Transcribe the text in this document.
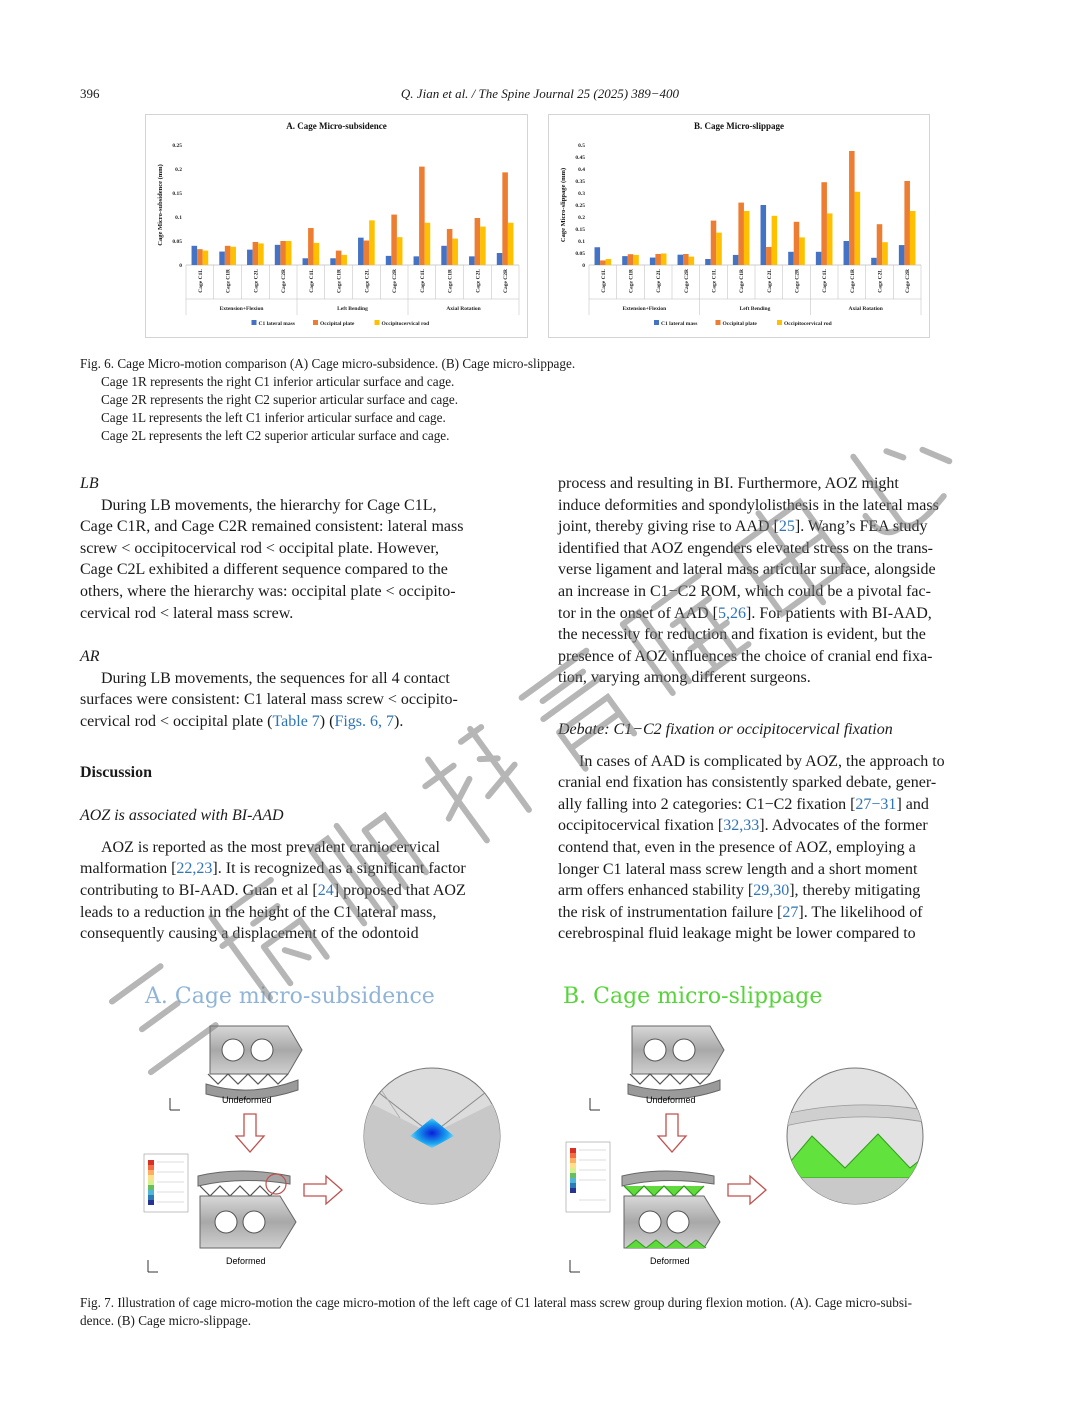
396	Q. Jian et al. / The Spine Journal 25 (2025) 389−400
A. Cage Micro-subsidence
Cage Micro-subsidence (mm)
0
0.05
0.1
0.15
0.2
0.25
Cage C1L	Cage C1R	Cage C2L	Cage C2R	Cage C1L	Cage C1R	Cage C2L	Cage C2R	Cage C1L	Cage C1R	Cage C2L	Cage C2R
Extension+Flexion	Left Bending	Axial Rotation
C1 lateral mass	Occipital plate	Occipitocervical rod
B. Cage Micro-slippage
Cage Micro-slippage (mm)
0
0.05
0.1
0.15
0.2
0.25
0.3
0.35
0.4
0.45
0.5
Cage C1L	Cage C1R	Cage C2L	Cage C2R	Cage C1L	Cage C1R	Cage C2L	Cage C2R	Cage C1L	Cage C1R	Cage C2L	Cage C2R
Extension+Flexion	Left Bending	Axial Rotation
C1 lateral mass	Occipital plate	Occipitocervical rod
Fig. 6. Cage Micro-motion comparison (A) Cage micro-subsidence. (B) Cage micro-slippage.
Cage 1R represents the right C1 inferior articular surface and cage.
Cage 2R represents the right C2 superior articular surface and cage.
Cage 1L represents the left C1 inferior articular surface and cage.
Cage 2L represents the left C2 superior articular surface and cage.
LB
During LB movements, the hierarchy for Cage C1L,
Cage C1R, and Cage C2R remained consistent: lateral mass
screw < occipitocervical rod < occipital plate. However,
Cage C2L exhibited a different sequence compared to the
others, where the hierarchy was: occipital plate < occipito-
cervical rod < lateral mass screw.
AR
During LB movements, the sequences for all 4 contact
surfaces were consistent: C1 lateral mass screw < occipito-
cervical rod < occipital plate (Table 7) (Figs. 6, 7).
Discussion
AOZ is associated with BI-AAD
AOZ is reported as the most prevalent craniocervical
malformation [22,23]. It is recognized as a significant factor
contributing to BI-AAD. Guan et al [24] proposed that AOZ
leads to a reduction in the height of the C1 lateral mass,
consequently causing a displacement of the odontoid
process and resulting in BI. Furthermore, AOZ might
induce deformities and spondylolisthesis in the lateral mass
joint, thereby giving rise to AAD [25]. Wang’s FEA study
identified that AOZ engenders elevated stress on the trans-
verse ligament and lateral mass articular surface, alongside
an increase in C1−C2 ROM, which could be a pivotal fac-
tor in the onset of AAD [5,26]. For patients with BI-AAD,
the necessity for reduction and fixation is evident, but the
presence of AOZ influences the choice of cranial end fixa-
tion, varying among different surgeons.
Debate: C1−C2 fixation or occipitocervical fixation
In cases of AAD is complicated by AOZ, the approach to
cranial end fixation has consistently sparked debate, gener-
ally falling into 2 categories: C1−C2 fixation [27−31] and
occipitocervical fixation [32,33]. Advocates of the former
contend that, even in the presence of AOZ, employing a
longer C1 lateral mass screw length and a short moment
arm offers enhanced stability [29,30], thereby mitigating
the risk of instrumentation failure [27]. The likelihood of
cerebrospinal fluid leakage might be lower compared to
A. Cage micro-subsidence	B. Cage micro-slippage
Undeformed
Deformed
Undeformed
Deformed
Fig. 7. Illustration of cage micro-motion the cage micro-motion of the left cage of C1 lateral mass screw group during flexion motion. (A). Cage micro-subsi-
dence. (B) Cage micro-slippage.
